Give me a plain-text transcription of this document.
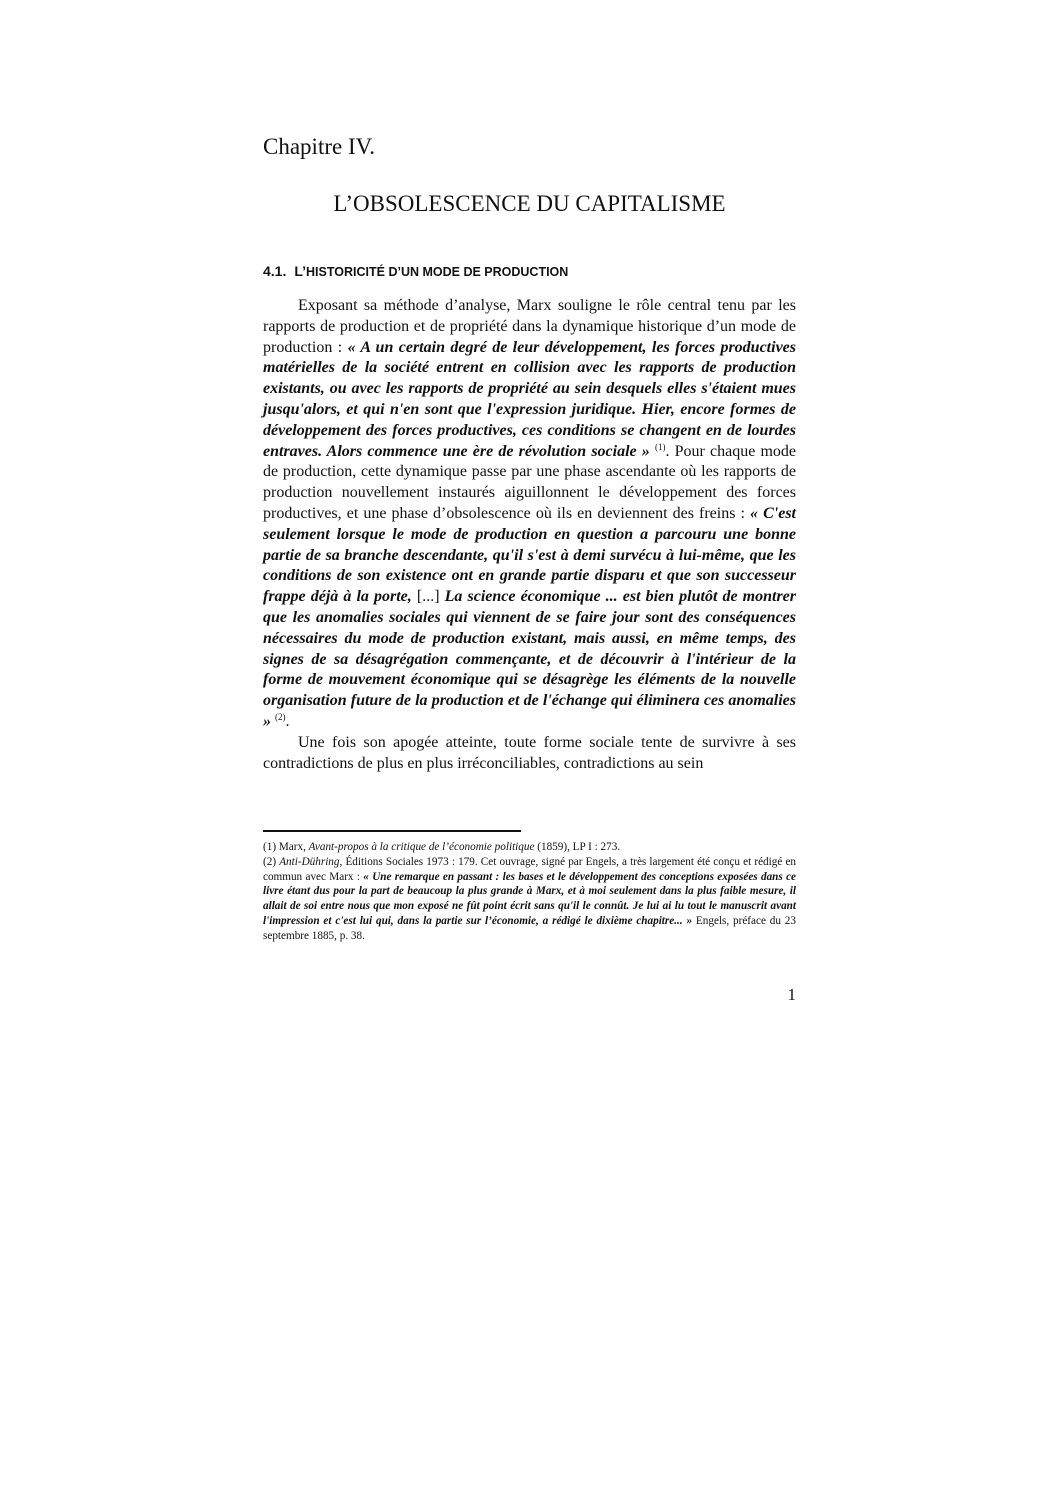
Chapitre IV.
L’OBSOLESCENCE DU CAPITALISME
4.1. L’HISTORICITÉ D’UN MODE DE PRODUCTION

Exposant sa méthode d’analyse, Marx souligne le rôle central tenu par les rapports de production et de propriété dans la dynamique historique d’un mode de production : « A un certain degré de leur développement, les forces productives matérielles de la société entrent en collision avec les rapports de production existants, ou avec les rapports de propriété au sein desquels elles s'étaient mues jusqu'alors, et qui n'en sont que l'expression juridique. Hier, encore formes de développement des forces productives, ces conditions se changent en de lourdes entraves. Alors commence une ère de révolution sociale » $^{(1)}$. Pour chaque mode de production, cette dynamique passe par une phase ascendante où les rapports de production nouvellement instaurés aiguillonnent le développement des forces productives, et une phase d’obsolescence où ils en deviennent des freins : « C'est seulement lorsque le mode de production en question a parcouru une bonne partie de sa branche descendante, qu'il s'est à demi survécu à lui-même, que les conditions de son existence ont en grande partie disparu et que son successeur frappe déjà à la porte, [...] La science économique ... est bien plutôt de montrer que les anomalies sociales qui viennent de se faire jour sont des conséquences nécessaires du mode de production existant, mais aussi, en même temps, des signes de sa désagrégation commençante, et de découvrir à l'intérieur de la forme de mouvement économique qui se désagrège les éléments de la nouvelle organisation future de la production et de l'échange qui éliminera ces anomalies » $^{(2)}$.

Une fois son apogée atteinte, toute forme sociale tente de survivre à ses contradictions de plus en plus irréconciliables, contradictions au sein

(1) Marx, Avant-propos à la critique de l’économie politique (1859), LP I : 273.

(2) Anti-Dühring, Éditions Sociales 1973 : 179. Cet ouvrage, signé par Engels, a très largement été conçu et rédigé en commun avec Marx : « Une remarque en passant : les bases et le développement des conceptions exposées dans ce livre étant dus pour la part de beaucoup la plus grande à Marx, et à moi seulement dans la plus faible mesure, il allait de soi entre nous que mon exposé ne fût point écrit sans qu'il le connût. Je lui ai lu tout le manuscrit avant l'impression et c'est lui qui, dans la partie sur l’économie, a rédigé le dixième chapitre... » Engels, préface du 23 septembre 1885, p. 38.

1
